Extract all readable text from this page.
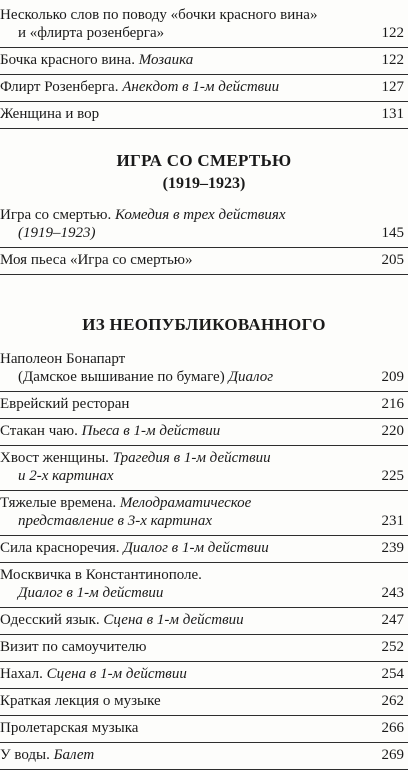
Несколько слов по поводу «бочки красного вина»
и «флирта розенберга»	122
Бочка красного вина. Мозаика	122
Флирт Розенберга. Анекдот в 1-м действии	127
Женщина и вор	131
ИГРА СО СМЕРТЬЮ
(1919–1923)
Игра со смертью. Комедия в трех действиях
(1919–1923)	145
Моя пьеса «Игра со смертью»	205
ИЗ НЕОПУБЛИКОВАННОГО
Наполеон Бонапарт
(Дамское вышивание по бумаге) Диалог	209
Еврейский ресторан	216
Стакан чаю. Пьеса в 1-м действии	220
Хвост женщины. Трагедия в 1-м действии
и 2-х картинах	225
Тяжелые времена. Мелодраматическое
представление в 3-х картинах	231
Сила красноречия. Диалог в 1-м действии	239
Москвичка в Константинополе.
Диалог в 1-м действии	243
Одесский язык. Сцена в 1-м действии	247
Визит по самоучителю	252
Нахал. Сцена в 1-м действии	254
Краткая лекция о музыке	262
Пролетарская музыка	266
У воды. Балет	269
